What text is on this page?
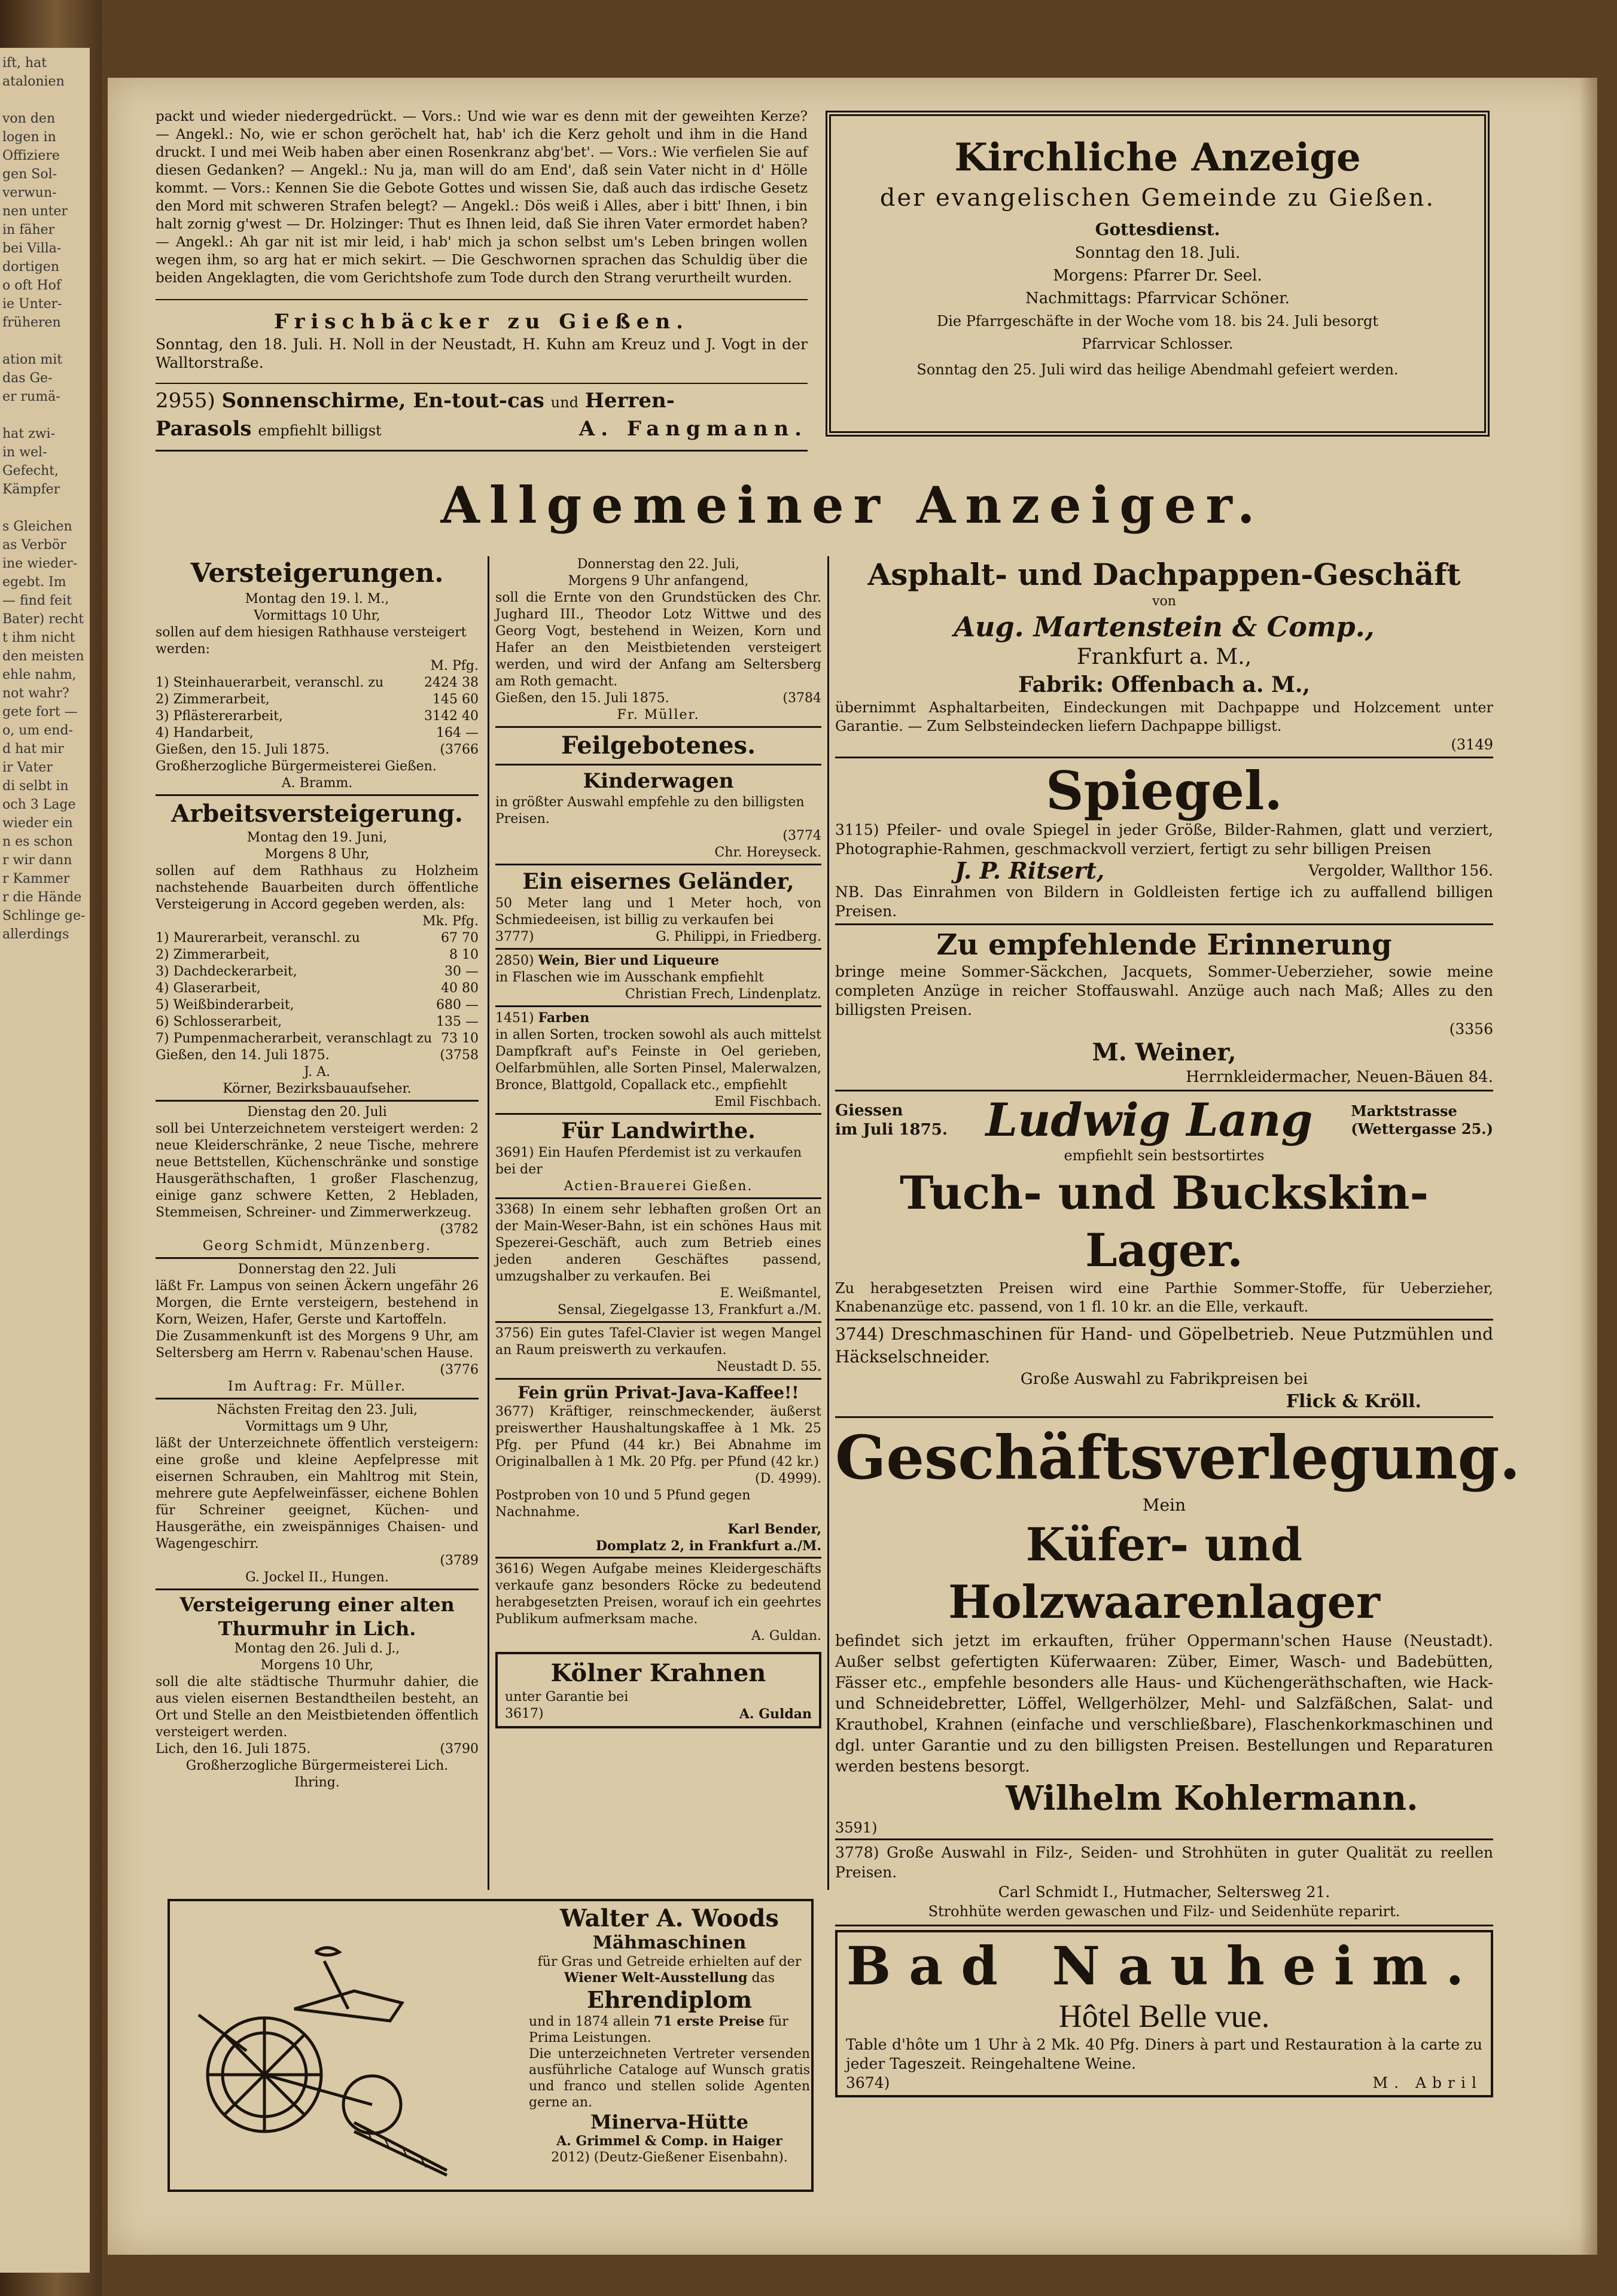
ift, hat
atalonien

von den
logen in
Offiziere
gen Sol-
verwun-
nen unter
in fäher
bei Villa-
dortigen
o oft Hof
ie Unter-
früheren

ation mit
das Ge-
er rumä-

hat zwi-
in wel-
Gefecht,
Kämpfer

s Gleichen
as Verbör
ine wieder-
egebt. Im
— find feit
Bater) recht
t ihm nicht
den meisten
ehle nahm,
not wahr?
gete fort —
o, um end-
d hat mir
ir Vater
di selbt in
och 3 Lage
wieder ein
n es schon
r wir dann
r Kammer
r die Hände
Schlinge ge-
allerdings

packt und wieder niedergedrückt. — Vors.: Und wie war es denn mit der geweihten Kerze? — Angekl.: No, wie er schon geröchelt hat, hab' ich die Kerz geholt und ihm in die Hand druckt. I und mei Weib haben aber einen Rosenkranz abg'bet'. — Vors.: Wie verfielen Sie auf diesen Gedanken? — Angekl.: Nu ja, man will do am End', daß sein Vater nicht in d' Hölle kommt. — Vors.: Kennen Sie die Gebote Gottes und wissen Sie, daß auch das irdische Gesetz den Mord mit schweren Strafen belegt? — Angekl.: Dös weiß i Alles, aber i bitt' Ihnen, i bin halt zornig g'west — Dr. Holzinger: Thut es Ihnen leid, daß Sie ihren Vater ermordet haben? — Angekl.: Ah gar nit ist mir leid, i hab' mich ja schon selbst um's Leben bringen wollen wegen ihm, so arg hat er mich sekirt. — Die Geschwornen sprachen das Schuldig über die beiden Angeklagten, die vom Gerichtshofe zum Tode durch den Strang verurtheilt wurden.

Frischbäcker zu Gießen.

Sonntag, den 18. Juli. H. Noll in der Neustadt, H. Kuhn am Kreuz und J. Vogt in der Walltorstraße.

2955) Sonnenschirme, En-tout-cas und Herren-
Parasols empfiehlt billigst	A. Fangmann.
Kirchliche Anzeige
der evangelischen Gemeinde zu Gießen.
Gottesdienst.
Sonntag den 18. Juli.
Morgens: Pfarrer Dr. Seel.
Nachmittags: Pfarrvicar Schöner.
Die Pfarrgeschäfte in der Woche vom 18. bis 24. Juli besorgt
Pfarrvicar Schlosser.
Sonntag den 25. Juli wird das heilige Abendmahl gefeiert werden.
Allgemeiner Anzeiger.
Versteigerungen.
Montag den 19. l. M.,
Vormittags 10 Uhr,

sollen auf dem hiesigen Rathhause versteigert werden:

M. Pfg.
1) Steinhauerarbeit, veranschl. zu	2424 38
2) Zimmerarbeit,	145 60
3) Pflästererarbeit,	3142 40
4) Handarbeit,	164 —
Gießen, den 15. Juli 1875.	(3766
Großherzogliche Bürgermeisterei Gießen.
A. Bramm.
Arbeitsversteigerung.
Montag den 19. Juni,
Morgens 8 Uhr,

sollen auf dem Rathhaus zu Holzheim nachstehende Bauarbeiten durch öffentliche Versteigerung in Accord gegeben werden, als:

Mk. Pfg.
1) Maurerarbeit, veranschl. zu	67 70
2) Zimmerarbeit,	8 10
3) Dachdeckerarbeit,	30 —
4) Glaserarbeit,	40 80
5) Weißbinderarbeit,	680 —
6) Schlosserarbeit,	135 —
7) Pumpenmacherarbeit, veranschlagt zu 73 10
Gießen, den 14. Juli 1875.	(3758
J. A.
Körner, Bezirksbauaufseher.
Dienstag den 20. Juli

soll bei Unterzeichnetem versteigert werden: 2 neue Kleiderschränke, 2 neue Tische, mehrere neue Bettstellen, Küchenschränke und sonstige Hausgeräthschaften, 1 großer Flaschenzug, einige ganz schwere Ketten, 2 Hebladen, Stemmeisen, Schreiner- und Zimmerwerkzeug.

(3782
Georg Schmidt, Münzenberg.
Donnerstag den 22. Juli

läßt Fr. Lampus von seinen Äckern ungefähr 26 Morgen, die Ernte versteigern, bestehend in Korn, Weizen, Hafer, Gerste und Kartoffeln.

Die Zusammenkunft ist des Morgens 9 Uhr, am Seltersberg am Herrn v. Rabenau'schen Hause.

(3776
Im Auftrag: Fr. Müller.
Nächsten Freitag den 23. Juli,
Vormittags um 9 Uhr,

läßt der Unterzeichnete öffentlich versteigern: eine große und kleine Aepfelpresse mit eisernen Schrauben, ein Mahltrog mit Stein, mehrere gute Aepfelweinfässer, eichene Bohlen für Schreiner geeignet, Küchen- und Hausgeräthe, ein zweispänniges Chaisen- und Wagengeschirr.

(3789
G. Jockel II., Hungen.
Versteigerung einer alten Thurmuhr in Lich.
Montag den 26. Juli d. J.,
Morgens 10 Uhr,

soll die alte städtische Thurmuhr dahier, die aus vielen eisernen Bestandtheilen besteht, an Ort und Stelle an den Meistbietenden öffentlich versteigert werden.

Lich, den 16. Juli 1875.	(3790
Großherzogliche Bürgermeisterei Lich.
Ihring.
Donnerstag den 22. Juli,
Morgens 9 Uhr anfangend,

soll die Ernte von den Grundstücken des Chr. Jughard III., Theodor Lotz Wittwe und des Georg Vogt, bestehend in Weizen, Korn und Hafer an den Meistbietenden versteigert werden, und wird der Anfang am Seltersberg am Roth gemacht.

Gießen, den 15. Juli 1875.	(3784
Fr. Müller.
Feilgebotenes.
Kinderwagen

in größter Auswahl empfehle zu den billigsten Preisen.

(3774
Chr. Horeyseck.
Ein eisernes Geländer,

50 Meter lang und 1 Meter hoch, von Schmiedeeisen, ist billig zu verkaufen bei

3777)	G. Philippi, in Friedberg.
2850) Wein, Bier und Liqueure

in Flaschen wie im Ausschank empfiehlt

Christian Frech, Lindenplatz.
1451) Farben

in allen Sorten, trocken sowohl als auch mittelst Dampfkraft auf's Feinste in Oel gerieben, Oelfarbmühlen, alle Sorten Pinsel, Malerwalzen, Bronce, Blattgold, Copallack etc., empfiehlt

Emil Fischbach.
Für Landwirthe.

3691) Ein Haufen Pferdemist ist zu verkaufen bei der

Actien-Brauerei Gießen.

3368) In einem sehr lebhaften großen Ort an der Main-Weser-Bahn, ist ein schönes Haus mit Spezerei-Geschäft, auch zum Betrieb eines jeden anderen Geschäftes passend, umzugshalber zu verkaufen. Bei

E. Weißmantel,
Sensal, Ziegelgasse 13, Frankfurt a./M.

3756) Ein gutes Tafel-Clavier ist wegen Mangel an Raum preiswerth zu verkaufen.

Neustadt D. 55.
Fein grün Privat-Java-Kaffee!!

3677) Kräftiger, reinschmeckender, äußerst preiswerther Haushaltungskaffee à 1 Mk. 25 Pfg. per Pfund (44 kr.) Bei Abnahme im Originalballen à 1 Mk. 20 Pfg. per Pfund (42 kr.)

(D. 4999).

Postproben von 10 und 5 Pfund gegen Nachnahme.

Karl Bender,
Domplatz 2, in Frankfurt a./M.

3616) Wegen Aufgabe meines Kleidergeschäfts verkaufe ganz besonders Röcke zu bedeutend herabgesetzten Preisen, worauf ich ein geehrtes Publikum aufmerksam mache.

A. Guldan.
Kölner Krahnen
unter Garantie bei
3617)	A. Guldan
Walter A. Woods
Mähmaschinen
für Gras und Getreide erhielten auf der Wiener Welt-Ausstellung das
Ehrendiplom
und in 1874 allein 71 erste Preise für Prima Leistungen.

Die unterzeichneten Vertreter versenden ausführliche Cataloge auf Wunsch gratis und franco und stellen solide Agenten gerne an.

Minerva-Hütte
A. Grimmel & Comp. in Haiger
2012) (Deutz-Gießener Eisenbahn).
Asphalt- und Dachpappen-Geschäft
von
Aug. Martenstein & Comp.,
Frankfurt a. M.,
Fabrik: Offenbach a. M.,

übernimmt Asphaltarbeiten, Eindeckungen mit Dachpappe und Holzcement unter Garantie. — Zum Selbsteindecken liefern Dachpappe billigst.

(3149
Spiegel.

3115) Pfeiler- und ovale Spiegel in jeder Größe, Bilder-Rahmen, glatt und verziert, Photographie-Rahmen, geschmackvoll verziert, fertigt zu sehr billigen Preisen

J. P. Ritsert,	Vergolder, Wallthor 156.

NB. Das Einrahmen von Bildern in Goldleisten fertige ich zu auffallend billigen Preisen.

Zu empfehlende Erinnerung

bringe meine Sommer-Säckchen, Jacquets, Sommer-Ueberzieher, sowie meine completen Anzüge in reicher Stoffauswahl. Anzüge auch nach Maß; Alles zu den billigsten Preisen.

(3356
M. Weiner,
Herrnkleidermacher, Neuen-Bäuen 84.
Giessen
im Juli 1875. Ludwig Lang	Marktstrasse
(Wettergasse 25.)
empfiehlt sein bestsortirtes
Tuch- und Buckskin-Lager.

Zu herabgesetzten Preisen wird eine Parthie Sommer-Stoffe, für Ueberzieher, Knabenanzüge etc. passend, von 1 fl. 10 kr. an die Elle, verkauft.

3744) Dreschmaschinen für Hand- und Göpelbetrieb. Neue Putzmühlen und Häckselschneider.

Große Auswahl zu Fabrikpreisen bei
Flick & Kröll.
Geschäftsverlegung.
Mein
Küfer- und Holzwaarenlager

befindet sich jetzt im erkauften, früher Oppermann'schen Hause (Neustadt). Außer selbst gefertigten Küferwaaren: Züber, Eimer, Wasch- und Badebütten, Fässer etc., empfehle besonders alle Haus- und Küchengeräthschaften, wie Hack- und Schneidebretter, Löffel, Wellgerhölzer, Mehl- und Salzfäßchen, Salat- und Krauthobel, Krahnen (einfache und verschließbare), Flaschenkorkmaschinen und dgl. unter Garantie und zu den billigsten Preisen. Bestellungen und Reparaturen werden bestens besorgt.

Wilhelm Kohlermann.
3591)

3778) Große Auswahl in Filz-, Seiden- und Strohhüten in guter Qualität zu reellen Preisen.

Carl Schmidt I., Hutmacher, Seltersweg 21.
Strohhüte werden gewaschen und Filz- und Seidenhüte reparirt.
Bad Nauheim.
Hôtel Belle vue.

Table d'hôte um 1 Uhr à 2 Mk. 40 Pfg. Diners à part und Restauration à la carte zu jeder Tageszeit. Reingehaltene Weine.

3674)	M. Abril
